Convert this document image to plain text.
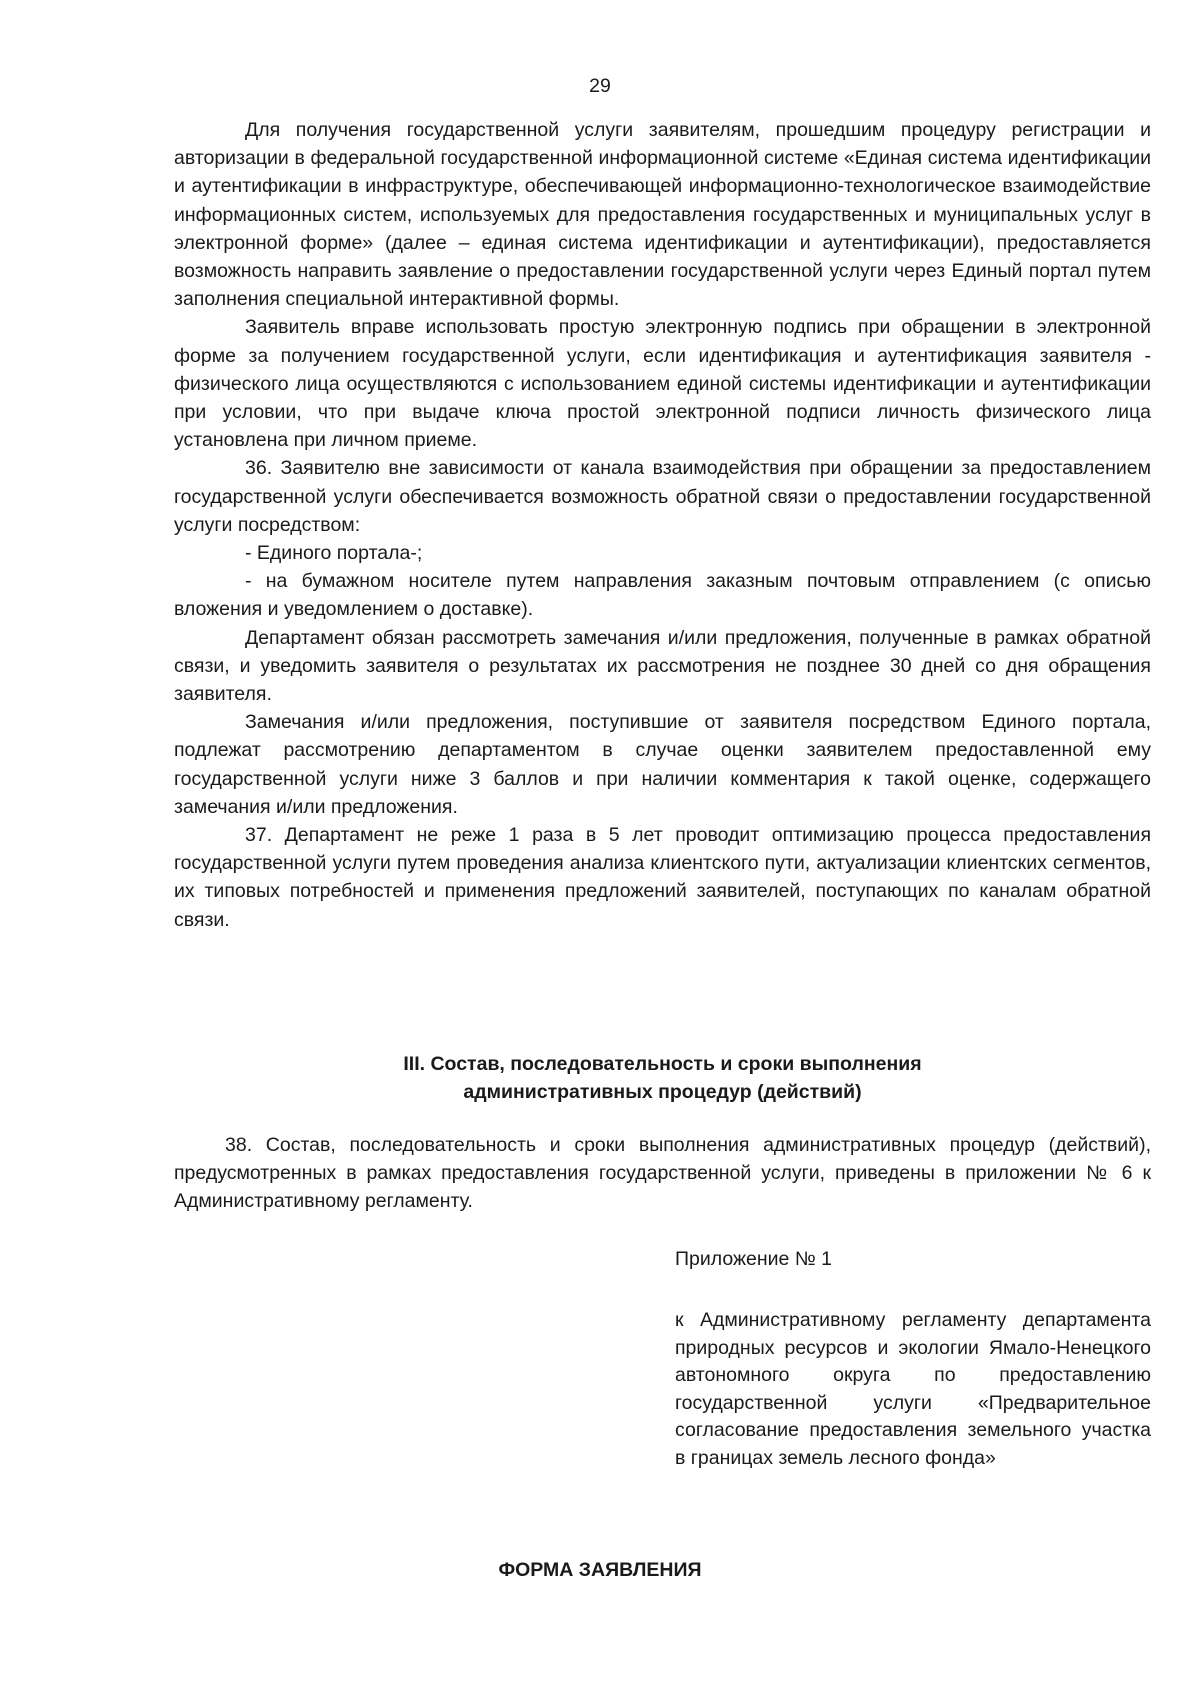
29

Для получения государственной услуги заявителям, прошедшим процедуру регистрации и авторизации в федеральной государственной информационной системе «Единая система идентификации и аутентификации в инфраструктуре, обеспечивающей информационно-технологическое взаимодействие информационных систем, используемых для предоставления государственных и муниципальных услуг в электронной форме» (далее – единая система идентификации и аутентификации), предоставляется возможность направить заявление о предоставлении государственной услуги через Единый портал путем заполнения специальной интерактивной формы.

Заявитель вправе использовать простую электронную подпись при обращении в электронной форме за получением государственной услуги, если идентификация и аутентификация заявителя - физического лица осуществляются с использованием единой системы идентификации и аутентификации при условии, что при выдаче ключа простой электронной подписи личность физического лица установлена при личном приеме.

36. Заявителю вне зависимости от канала взаимодействия при обращении за предоставлением государственной услуги обеспечивается возможность обратной связи о предоставлении государственной услуги посредством:

- Единого портала-;

- на бумажном носителе путем направления заказным почтовым отправлением (с описью вложения и уведомлением о доставке).

Департамент обязан рассмотреть замечания и/или предложения, полученные в рамках обратной связи, и уведомить заявителя о результатах их рассмотрения не позднее 30 дней со дня обращения заявителя.

Замечания и/или предложения, поступившие от заявителя посредством Единого портала, подлежат рассмотрению департаментом в случае оценки заявителем предоставленной ему государственной услуги ниже 3 баллов и при наличии комментария к такой оценке, содержащего замечания и/или предложения.

37. Департамент не реже 1 раза в 5 лет проводит оптимизацию процесса предоставления государственной услуги путем проведения анализа клиентского пути, актуализации клиентских сегментов, их типовых потребностей и применения предложений заявителей, поступающих по каналам обратной связи.

III. Состав, последовательность и сроки выполнения
административных процедур (действий)

38. Состав, последовательность и сроки выполнения административных процедур (действий), предусмотренных в рамках предоставления государственной услуги, приведены в приложении № 6 к Административному регламенту.

Приложение № 1

к Административному регламенту департамента природных ресурсов и экологии Ямало-Ненецкого автономного округа по предоставлению государственной услуги «Предварительное согласование предоставления земельного участка в границах земель лесного фонда»

ФОРМА ЗАЯВЛЕНИЯ
